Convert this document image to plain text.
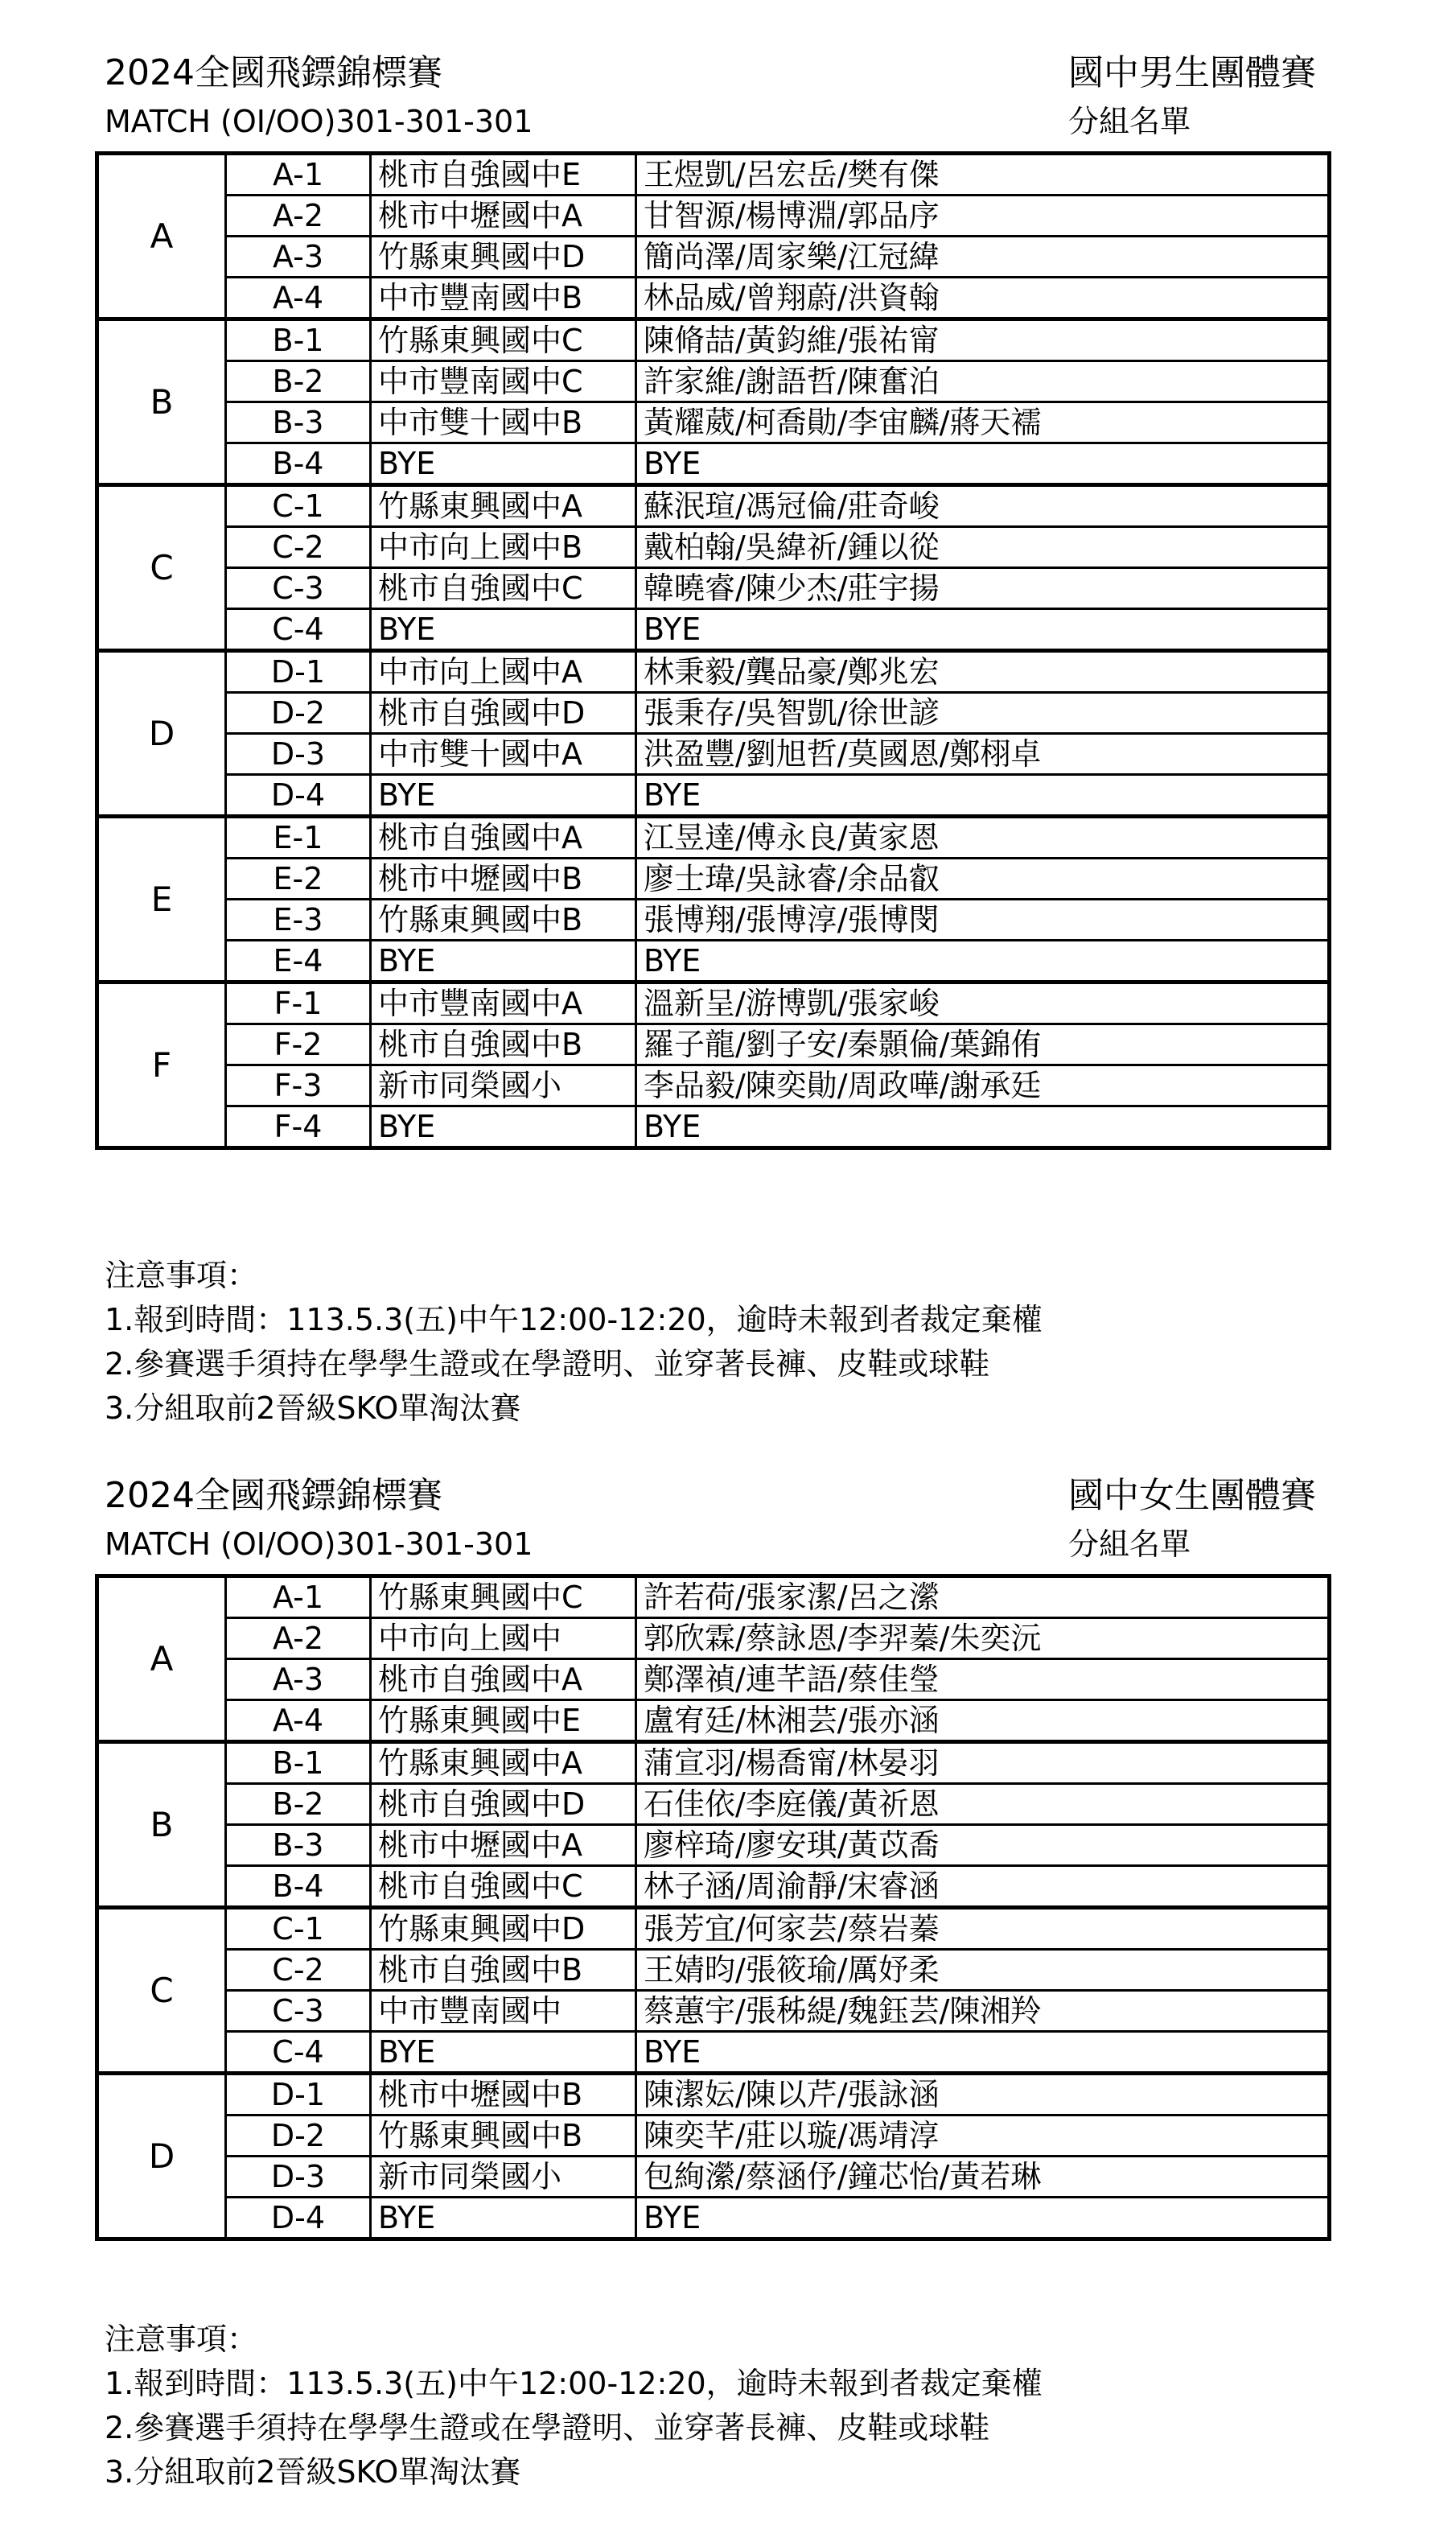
2024全國飛鏢錦標賽	國中男生團體賽
MATCH (OI/OO)301-301-301	分組名單
A	A-1	桃市自強國中E	王煜凱/呂宏岳/樊有傑
	A-2	桃市中壢國中A	甘智源/楊博淵/郭品序
	A-3	竹縣東興國中D	簡尚澤/周家樂/江冠緯
	A-4	中市豐南國中B	林品威/曾翔蔚/洪資翰
B	B-1	竹縣東興國中C	陳脩喆/黃鈞維/張祐甯
	B-2	中市豐南國中C	許家維/謝語哲/陳奮泊
	B-3	中市雙十國中B	黃耀葳/柯喬勛/李宙麟/蔣天襦
	B-4	BYE	BYE
C	C-1	竹縣東興國中A	蘇泯瑄/馮冠倫/莊奇峻
	C-2	中市向上國中B	戴柏翰/吳緯祈/鍾以從
	C-3	桃市自強國中C	韓曉睿/陳少杰/莊宇揚
	C-4	BYE	BYE
D	D-1	中市向上國中A	林秉毅/龔品豪/鄭兆宏
	D-2	桃市自強國中D	張秉存/吳智凱/徐世諺
	D-3	中市雙十國中A	洪盈豐/劉旭哲/莫國恩/鄭栩卓
	D-4	BYE	BYE
E	E-1	桃市自強國中A	江昱達/傅永良/黃家恩
	E-2	桃市中壢國中B	廖士瑋/吳詠睿/余品叡
	E-3	竹縣東興國中B	張博翔/張博淳/張博閔
	E-4	BYE	BYE
F	F-1	中市豐南國中A	溫新呈/游博凱/張家峻
	F-2	桃市自強國中B	羅子龍/劉子安/秦顥倫/葉錦侑
	F-3	新市同榮國小	李品毅/陳奕勛/周政嘩/謝承廷
	F-4	BYE	BYE
注意事項：
1.報到時間：113.5.3(五)中午12:00-12:20，逾時未報到者裁定棄權
2.參賽選手須持在學學生證或在學證明、並穿著長褲、皮鞋或球鞋
3.分組取前2晉級SKO單淘汰賽
2024全國飛鏢錦標賽	國中女生團體賽
MATCH (OI/OO)301-301-301	分組名單
A	A-1	竹縣東興國中C	許若荷/張家潔/呂之瀠
	A-2	中市向上國中	郭欣霖/蔡詠恩/李羿蓁/朱奕沅
	A-3	桃市自強國中A	鄭澤禎/連芊語/蔡佳瑩
	A-4	竹縣東興國中E	盧宥廷/林湘芸/張亦涵
B	B-1	竹縣東興國中A	蒲宣羽/楊喬甯/林晏羽
	B-2	桃市自強國中D	石佳依/李庭儀/黃祈恩
	B-3	桃市中壢國中A	廖梓琦/廖安琪/黃苡喬
	B-4	桃市自強國中C	林子涵/周渝靜/宋睿涵
C	C-1	竹縣東興國中D	張芳宜/何家芸/蔡岩蓁
	C-2	桃市自強國中B	王婧昀/張筱瑜/厲妤柔
	C-3	中市豐南國中	蔡蕙宇/張秭緹/魏鈺芸/陳湘羚
	C-4	BYE	BYE
D	D-1	桃市中壢國中B	陳潔妘/陳以芹/張詠涵
	D-2	竹縣東興國中B	陳奕芊/莊以璇/馮靖淳
	D-3	新市同榮國小	包絢瀠/蔡涵伃/鐘芯怡/黃若琳
	D-4	BYE	BYE
注意事項：
1.報到時間：113.5.3(五)中午12:00-12:20，逾時未報到者裁定棄權
2.參賽選手須持在學學生證或在學證明、並穿著長褲、皮鞋或球鞋
3.分組取前2晉級SKO單淘汰賽
